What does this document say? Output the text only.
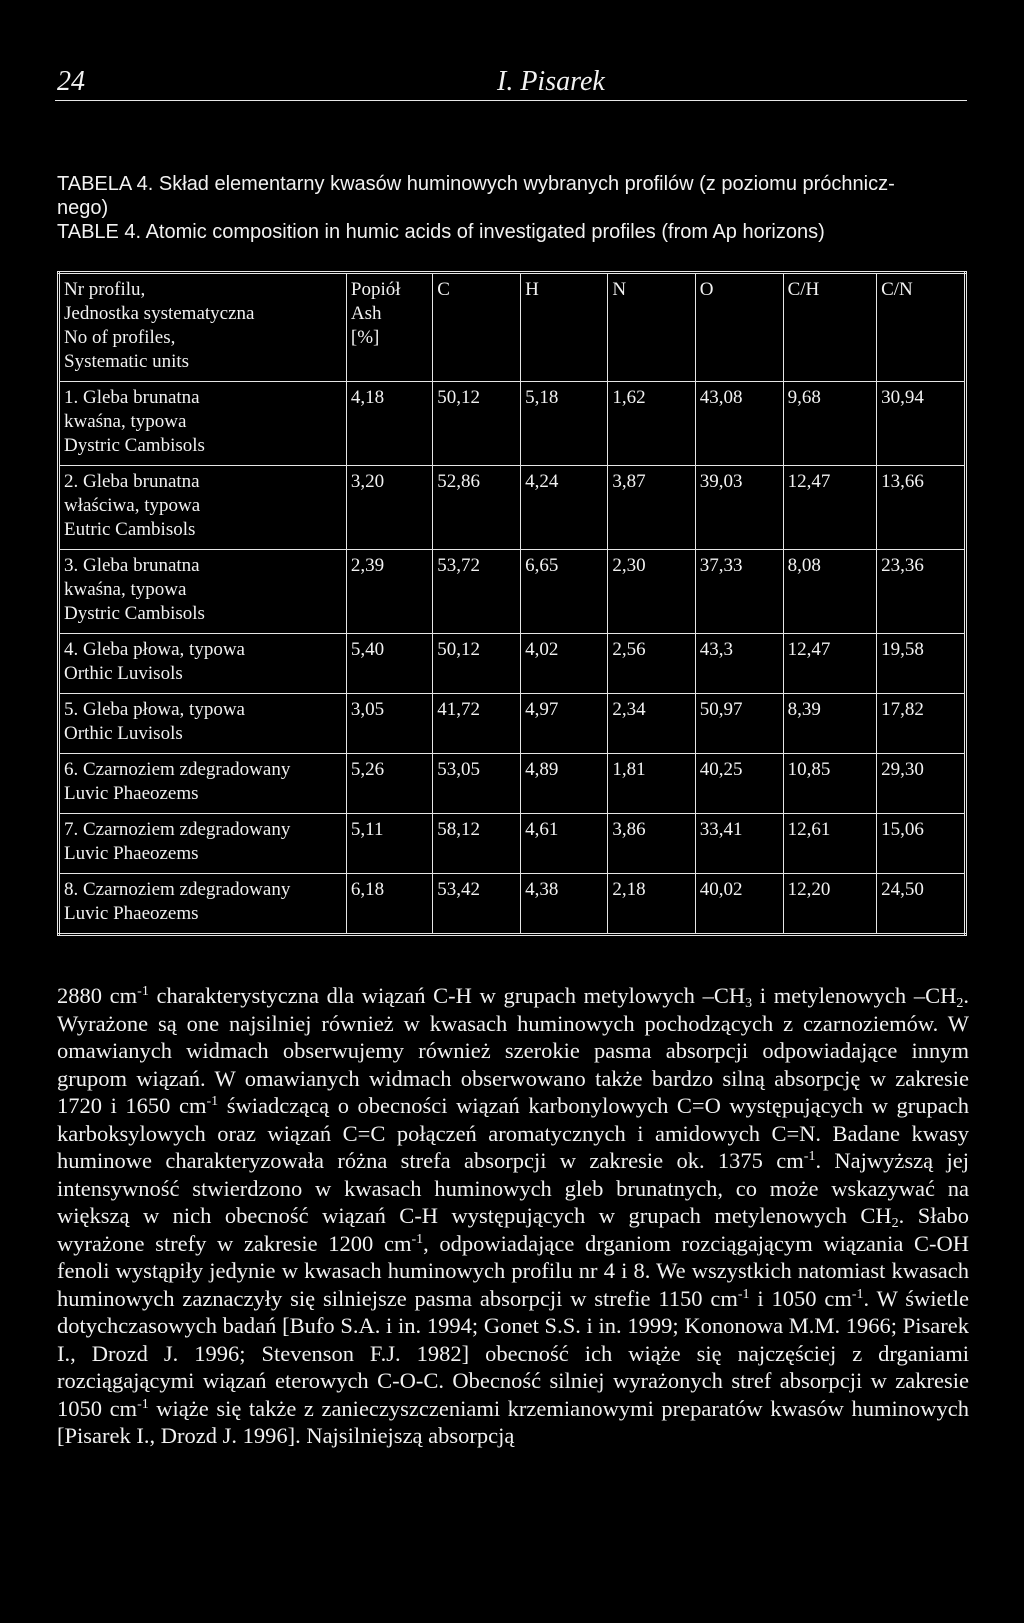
24	I. Pisarek
TABELA 4. Skład elementarny kwasów huminowych wybranych profilów (z poziomu próchnicz-
nego)
TABLE 4. Atomic composition in humic acids of investigated profiles (from Ap horizons)
Nr profilu,
Jednostka systematyczna
No of profiles,
Systematic units	Popiół
Ash
[%]	C	H	N	O	C/H	C/N

1. Gleba brunatna
kwaśna, typowa
Dystric Cambisols	4,18	50,12	5,18	1,62	43,08	9,68	30,94

2. Gleba brunatna
właściwa, typowa
Eutric Cambisols	3,20	52,86	4,24	3,87	39,03	12,47	13,66

3. Gleba brunatna
kwaśna, typowa
Dystric Cambisols	2,39	53,72	6,65	2,30	37,33	8,08	23,36

4. Gleba płowa, typowa
Orthic Luvisols	5,40	50,12	4,02	2,56	43,3	12,47	19,58

5. Gleba płowa, typowa
Orthic Luvisols	3,05	41,72	4,97	2,34	50,97	8,39	17,82

6. Czarnoziem zdegradowany
Luvic Phaeozems	5,26	53,05	4,89	1,81	40,25	10,85	29,30

7. Czarnoziem zdegradowany
Luvic Phaeozems	5,11	58,12	4,61	3,86	33,41	12,61	15,06

8. Czarnoziem zdegradowany
Luvic Phaeozems	6,18	53,42	4,38	2,18	40,02	12,20	24,50

2880 $cm^{-1}$ charakterystyczna dla wiązań C-H w grupach metylowych $-CH_3$ i metylenowych $-CH_2$. Wyrażone są one najsilniej również w kwasach huminowych pochodzących z czarnoziemów. W omawianych widmach obserwujemy również szerokie pasma absorpcji odpowiadające innym grupom wiązań. W omawianych widmach obserwowano także bardzo silną absorpcję w zakresie 1720 i 1650 $cm^{-1}$ świadczącą o obecności wiązań karbonylowych C=O występujących w grupach karboksylowych oraz wiązań C=C połączeń aromatycznych i amidowych C=N. Badane kwasy huminowe charakteryzowała różna strefa absorpcji w zakresie ok. 1375 $cm^{-1}$. Najwyższą jej intensywność stwierdzono w kwasach huminowych gleb brunatnych, co może wskazywać na większą w nich obecność wiązań C-H występujących w grupach metylenowych $CH_2$. Słabo wyrażone strefy w zakresie 1200 $cm^{-1}$, odpowiadające drganiom rozciągającym wiązania C-OH fenoli wystąpiły jedynie w kwasach huminowych profilu nr 4 i 8. We wszystkich natomiast kwasach huminowych zaznaczyły się silniejsze pasma absorpcji w strefie 1150 $cm^{-1}$ i 1050 $cm^{-1}$. W świetle dotychczasowych badań [Bufo S.A. i in. 1994; Gonet S.S. i in. 1999; Kononowa M.M. 1966; Pisarek I., Drozd J. 1996; Stevenson F.J. 1982] obecność ich wiąże się najczęściej z drganiami rozciągającymi wiązań eterowych C-O-C. Obecność silniej wyrażonych stref absorpcji w zakresie 1050 $cm^{-1}$ wiąże się także z zanieczyszczeniami krzemianowymi preparatów kwasów huminowych [Pisarek I., Drozd J. 1996]. Najsilniejszą absorpcją
